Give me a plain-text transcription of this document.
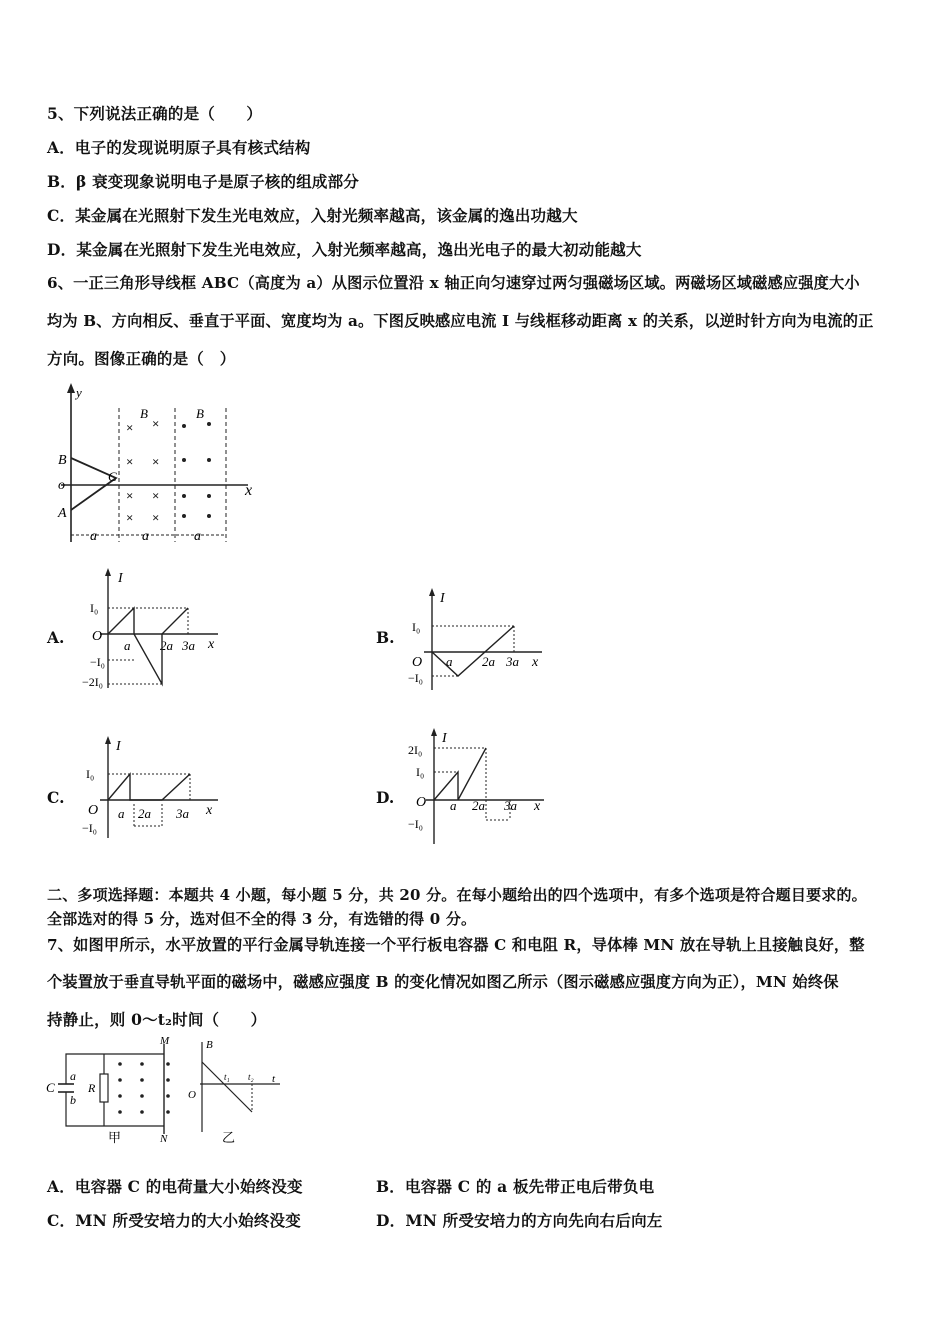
5、下列说法正确的是（　　）
A．电子的发现说明原子具有核式结构
B．β 衰变现象说明电子是原子核的组成部分
C．某金属在光照射下发生光电效应，入射光频率越高，该金属的逸出功越大
D．某金属在光照射下发生光电效应，入射光频率越高，逸出光电子的最大初动能越大
6、一正三角形导线框 ABC（高度为 a）从图示位置沿 x 轴正向匀速穿过两匀强磁场区域。两磁场区域磁感应强度大小
均为 B、方向相反、垂直于平面、宽度均为 a。下图反映感应电流 I 与线框移动距离 x 的关系，以逆时针方向为电流的正
方向。图像正确的是（　）
y
x
B
o
A
C
B	B
× ×
× ×
× ×
× ×
a	a	a
A.
I
O
x
I₀
−I₀
−2I₀
a 2a 3a	B.
I
O	x
I₀
−I₀
a 2a 3a
C.
I
O	x
I₀
−I₀
a 2a 3a
D.
I
O	x
2I₀
I₀
−I₀
a 2a 3a
二、多项选择题：本题共 4 小题，每小题 5 分，共 20 分。在每小题给出的四个选项中，有多个选项是符合题目要求的。
全部选对的得 5 分，选对但不全的得 3 分，有选错的得 0 分。
7、如图甲所示，水平放置的平行金属导轨连接一个平行板电容器 C 和电阻 R，导体棒 MN 放在导轨上且接触良好，整
个装置放于垂直导轨平面的磁场中，磁感应强度 B 的变化情况如图乙所示（图示磁感应强度方向为正），MN 始终保
持静止，则 0～t₂时间（　　）
C
a
b
R
M
N
甲
B
O
t
t₁ t₂
乙
A．电容器 C 的电荷量大小始终没变	B．电容器 C 的 a 板先带正电后带负电
C．MN 所受安培力的大小始终没变	D．MN 所受安培力的方向先向右后向左
